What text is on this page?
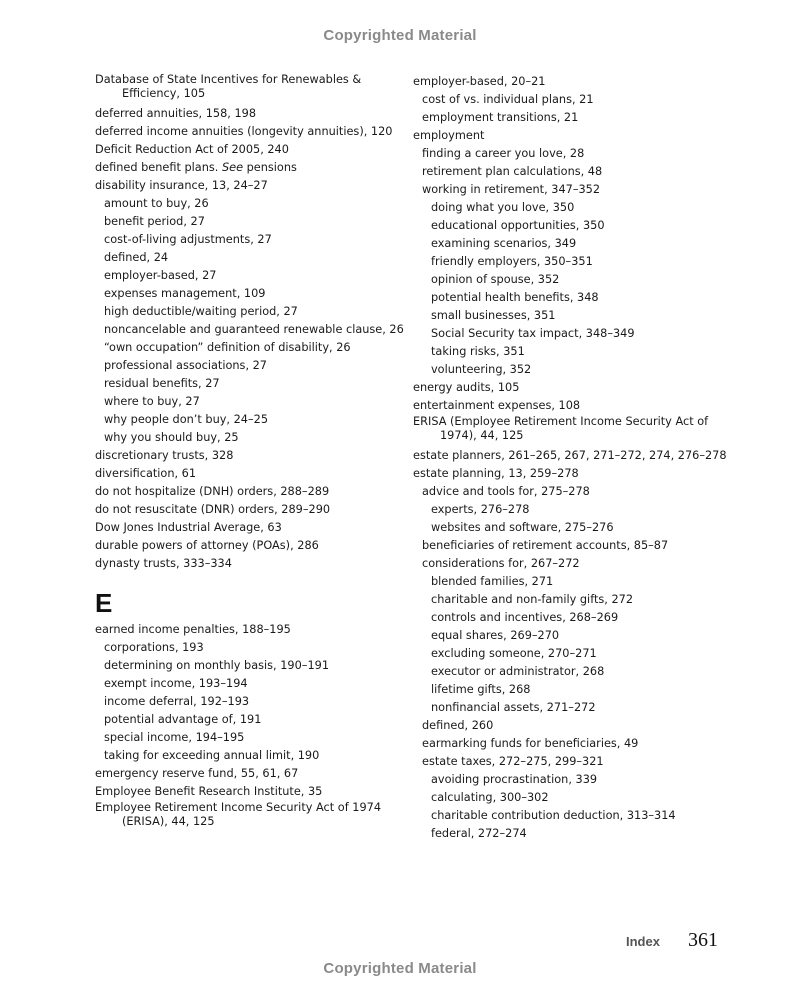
Copyrighted Material
Database of State Incentives for Renewables & Efficiency, 105
deferred annuities, 158, 198
deferred income annuities (longevity annuities), 120
Deficit Reduction Act of 2005, 240
defined benefit plans. See pensions
disability insurance, 13, 24–27
amount to buy, 26
benefit period, 27
cost-of-living adjustments, 27
defined, 24
employer-based, 27
expenses management, 109
high deductible/waiting period, 27
noncancelable and guaranteed renewable clause, 26
“own occupation” definition of disability, 26
professional associations, 27
residual benefits, 27
where to buy, 27
why people don’t buy, 24–25
why you should buy, 25
discretionary trusts, 328
diversification, 61
do not hospitalize (DNH) orders, 288–289
do not resuscitate (DNR) orders, 289–290
Dow Jones Industrial Average, 63
durable powers of attorney (POAs), 286
dynasty trusts, 333–334
E
earned income penalties, 188–195
corporations, 193
determining on monthly basis, 190–191
exempt income, 193–194
income deferral, 192–193
potential advantage of, 191
special income, 194–195
taking for exceeding annual limit, 190
emergency reserve fund, 55, 61, 67
Employee Benefit Research Institute, 35
Employee Retirement Income Security Act of 1974 (ERISA), 44, 125
employer-based, 20–21
cost of vs. individual plans, 21
employment transitions, 21
employment
finding a career you love, 28
retirement plan calculations, 48
working in retirement, 347–352
doing what you love, 350
educational opportunities, 350
examining scenarios, 349
friendly employers, 350–351
opinion of spouse, 352
potential health benefits, 348
small businesses, 351
Social Security tax impact, 348–349
taking risks, 351
volunteering, 352
energy audits, 105
entertainment expenses, 108
ERISA (Employee Retirement Income Security Act of 1974), 44, 125
estate planners, 261–265, 267, 271–272, 274, 276–278
estate planning, 13, 259–278
advice and tools for, 275–278
experts, 276–278
websites and software, 275–276
beneficiaries of retirement accounts, 85–87
considerations for, 267–272
blended families, 271
charitable and non-family gifts, 272
controls and incentives, 268–269
equal shares, 269–270
excluding someone, 270–271
executor or administrator, 268
lifetime gifts, 268
nonfinancial assets, 271–272
defined, 260
earmarking funds for beneficiaries, 49
estate taxes, 272–275, 299–321
avoiding procrastination, 339
calculating, 300–302
charitable contribution deduction, 313–314
federal, 272–274
Index 361
Copyrighted Material
